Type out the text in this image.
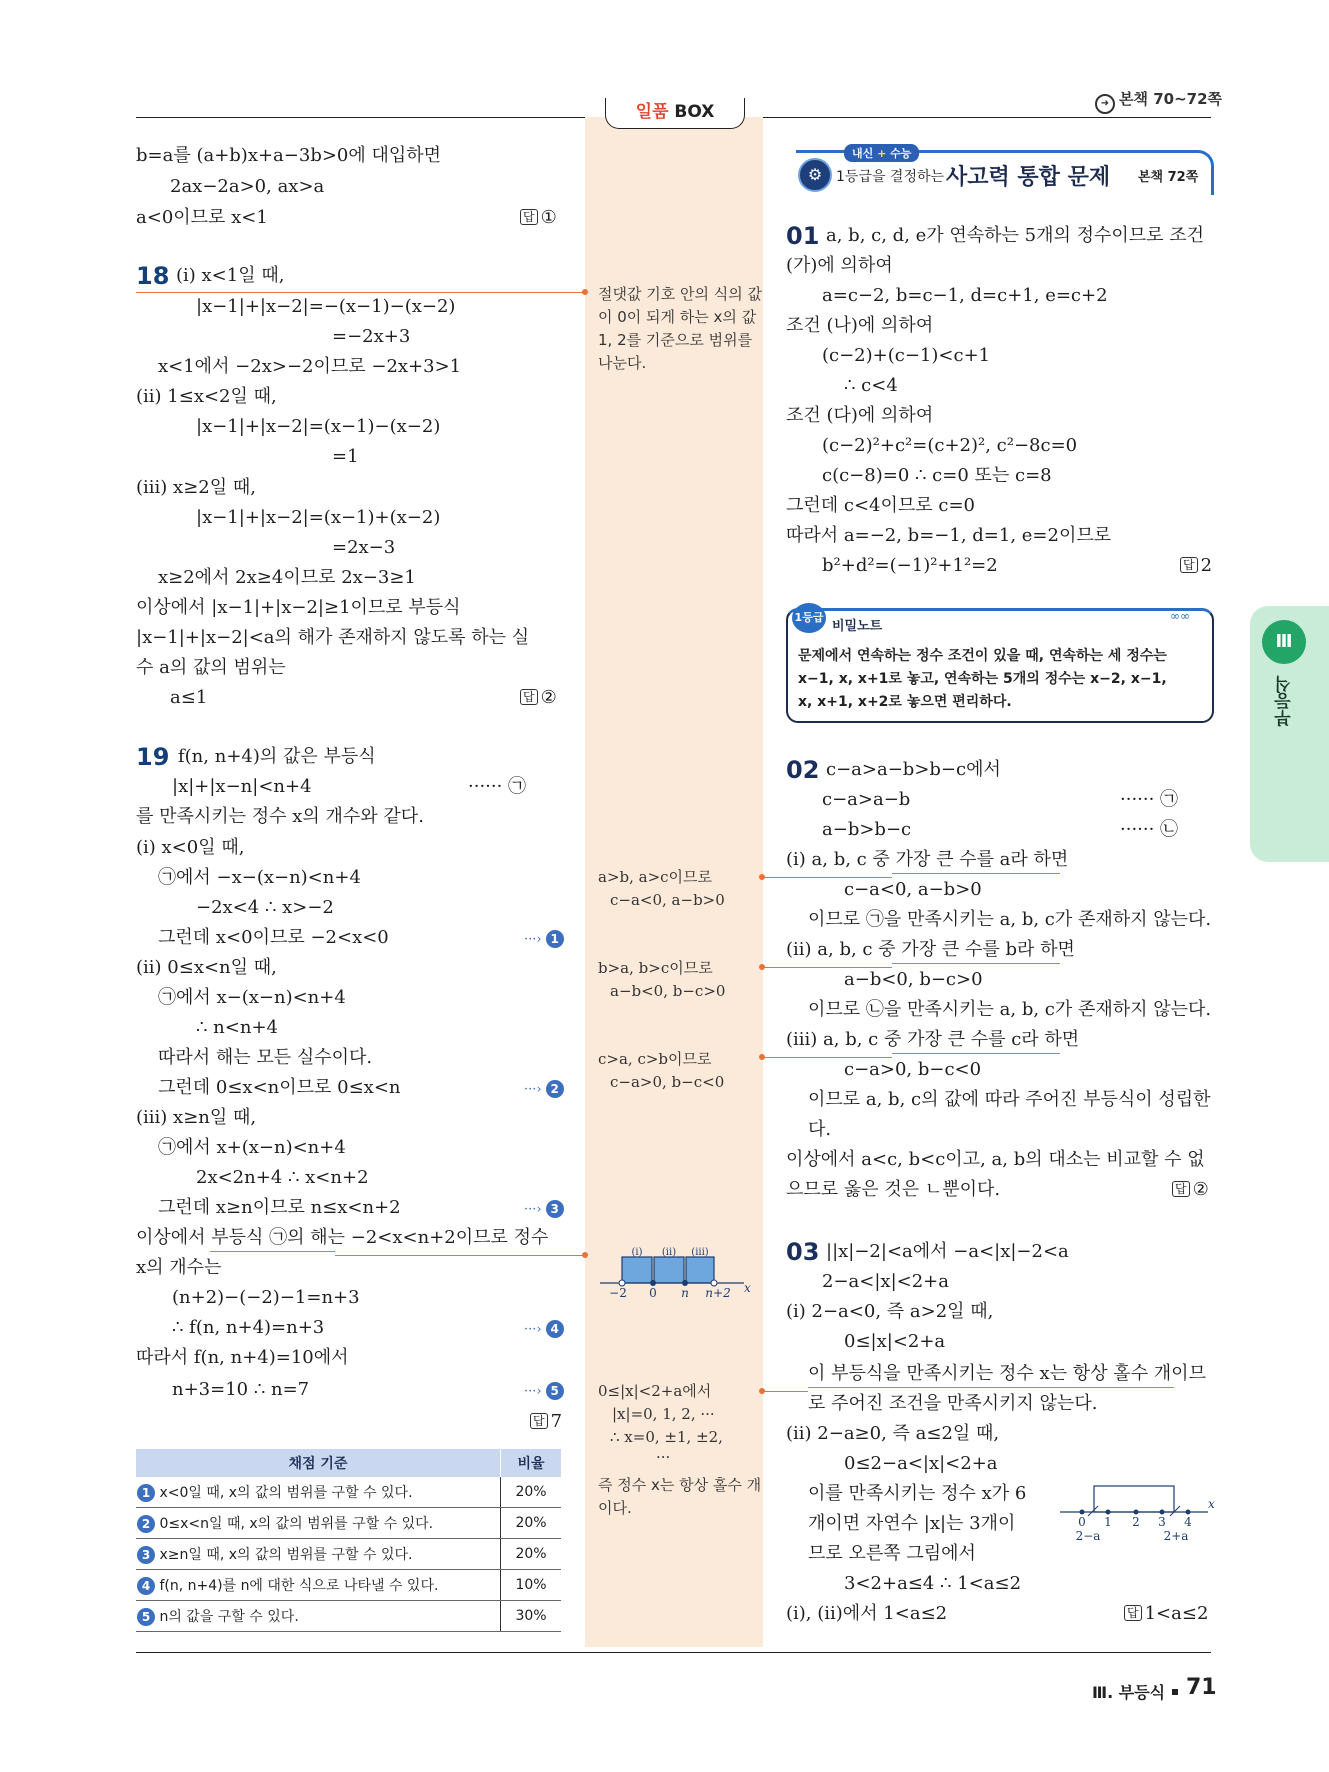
➜ 본책 70~72쪽
일품 BOX
b=a를 (a+b)x+a−3b>0에 대입하면
2ax−2a>0, ax>a
a<0이므로 x<1	답 ①
18 (i) x<1일 때,
|x−1|+|x−2|=−(x−1)−(x−2)
=−2x+3
x<1에서 −2x>−2이므로 −2x+3>1
(ii) 1≤x<2일 때,
|x−1|+|x−2|=(x−1)−(x−2)
=1
(iii) x≥2일 때,
|x−1|+|x−2|=(x−1)+(x−2)
=2x−3
x≥2에서 2x≥4이므로 2x−3≥1
이상에서 |x−1|+|x−2|≥1이므로 부등식
|x−1|+|x−2|<a의 해가 존재하지 않도록 하는 실
수 a의 값의 범위는
a≤1	답 ②
19 f(n, n+4)의 값은 부등식
|x|+|x−n|<n+4	······ ㉠
를 만족시키는 정수 x의 개수와 같다.
(i) x<0일 때,
㉠에서 −x−(x−n)<n+4
−2x<4 ∴ x>−2
그런데 x<0이므로 −2<x<0	···› 1
(ii) 0≤x<n일 때,
㉠에서 x−(x−n)<n+4
∴ n<n+4
따라서 해는 모든 실수이다.
그런데 0≤x<n이므로 0≤x<n	···› 2
(iii) x≥n일 때,
㉠에서 x+(x−n)<n+4
2x<2n+4 ∴ x<n+2
그런데 x≥n이므로 n≤x<n+2	···› 3
이상에서 부등식 ㉠의 해는 −2<x<n+2이므로 정수
x의 개수는
(n+2)−(−2)−1=n+3
∴ f(n, n+4)=n+3	···› 4
따라서 f(n, n+4)=10에서
n+3=10 ∴ n=7	···› 5
답 7
채점 기준	비율
1 x<0일 때, x의 값의 범위를 구할 수 있다.	20%
2 0≤x<n일 때, x의 값의 범위를 구할 수 있다.	20%
3 x≥n일 때, x의 값의 범위를 구할 수 있다.	20%
4 f(n, n+4)를 n에 대한 식으로 나타낼 수 있다.	10%
5 n의 값을 구할 수 있다.	30%
절댓값 기호 안의 식의 값
이 0이 되게 하는 x의 값
1, 2를 기준으로 범위를
나눈다.
a>b, a>c이므로
c−a<0, a−b>0
b>a, b>c이므로
a−b<0, b−c>0
c>a, c>b이므로
c−a>0, b−c<0
(i) (ii) (iii)
−2 0 n n+2 x
0≤|x|<2+a에서
|x|=0, 1, 2, ···
∴ x=0, ±1, ±2,
···
즉 정수 x는 항상 홀수 개
이다.
내신 + 수능
⚙ 1등급을 결정하는 사고력 통합 문제 본책 72쪽
01 a, b, c, d, e가 연속하는 5개의 정수이므로 조건
(가)에 의하여
a=c−2, b=c−1, d=c+1, e=c+2
조건 (나)에 의하여
(c−2)+(c−1)<c+1
∴ c<4
조건 (다)에 의하여
(c−2)²+c²=(c+2)², c²−8c=0
c(c−8)=0 ∴ c=0 또는 c=8
그런데 c<4이므로 c=0
따라서 a=−2, b=−1, d=1, e=2이므로
b²+d²=(−1)²+1²=2	답 2
1등급
비밀노트
∞∞
문제에서 연속하는 정수 조건이 있을 때, 연속하는 세 정수는
x−1, x, x+1로 놓고, 연속하는 5개의 정수는 x−2, x−1,
x, x+1, x+2로 놓으면 편리하다.
02 c−a>a−b>b−c에서
c−a>a−b	······ ㉠
a−b>b−c	······ ㉡
(i) a, b, c 중 가장 큰 수를 a라 하면
c−a<0, a−b>0
이므로 ㉠을 만족시키는 a, b, c가 존재하지 않는다.
(ii) a, b, c 중 가장 큰 수를 b라 하면
a−b<0, b−c>0
이므로 ㉡을 만족시키는 a, b, c가 존재하지 않는다.
(iii) a, b, c 중 가장 큰 수를 c라 하면
c−a>0, b−c<0
이므로 a, b, c의 값에 따라 주어진 부등식이 성립한
다.
이상에서 a<c, b<c이고, a, b의 대소는 비교할 수 없
으므로 옳은 것은 ㄴ뿐이다.	답 ②
03 ||x|−2|<a에서 −a<|x|−2<a
2−a<|x|<2+a
(i) 2−a<0, 즉 a>2일 때,
0≤|x|<2+a
이 부등식을 만족시키는 정수 x는 항상 홀수 개이므
로 주어진 조건을 만족시키지 않는다.
(ii) 2−a≥0, 즉 a≤2일 때,
0≤2−a<|x|<2+a
이를 만족시키는 정수 x가 6
개이면 자연수 |x|는 3개이
므로 오른쪽 그림에서
3<2+a≤4 ∴ 1<a≤2
(i), (ii)에서 1<a≤2	답 1<a≤2
0 1 2 3 4
2−a	2+a
x
Ⅲ
부등식
Ⅲ. 부등식 71
